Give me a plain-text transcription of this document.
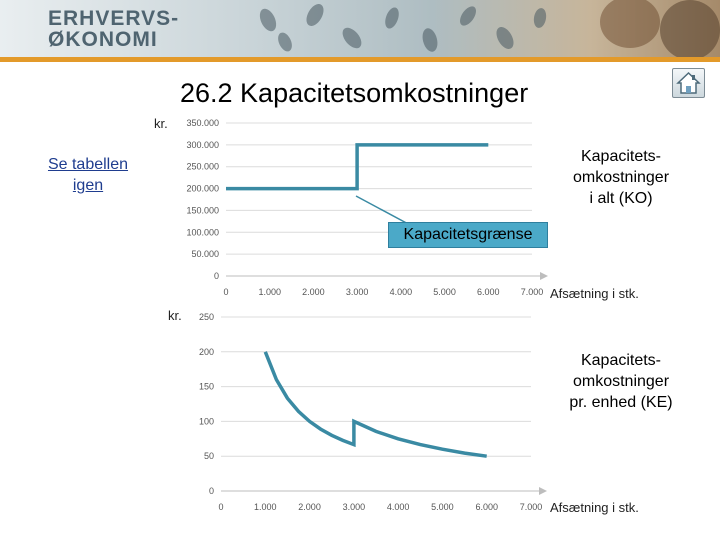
ERHVERVS-
ØKONOMI
26.2 Kapacitetsomkostninger
Se tabellen igen
Kapacitets-
omkostninger
i alt (KO)
Kapacitets-
omkostninger
pr. enhed (KE)
kr.
Afsætning i stk.
kr.
Afsætning i stk.
0
50.000
100.000
150.000
200.000
250.000
300.000
350.000
0	1.000 2.000 3.000 4.000 5.000 6.000 7.000
0
50
100
150
200
250
0	1.000 2.000 3.000 4.000 5.000 6.000 7.000
Kapacitetsgrænse
